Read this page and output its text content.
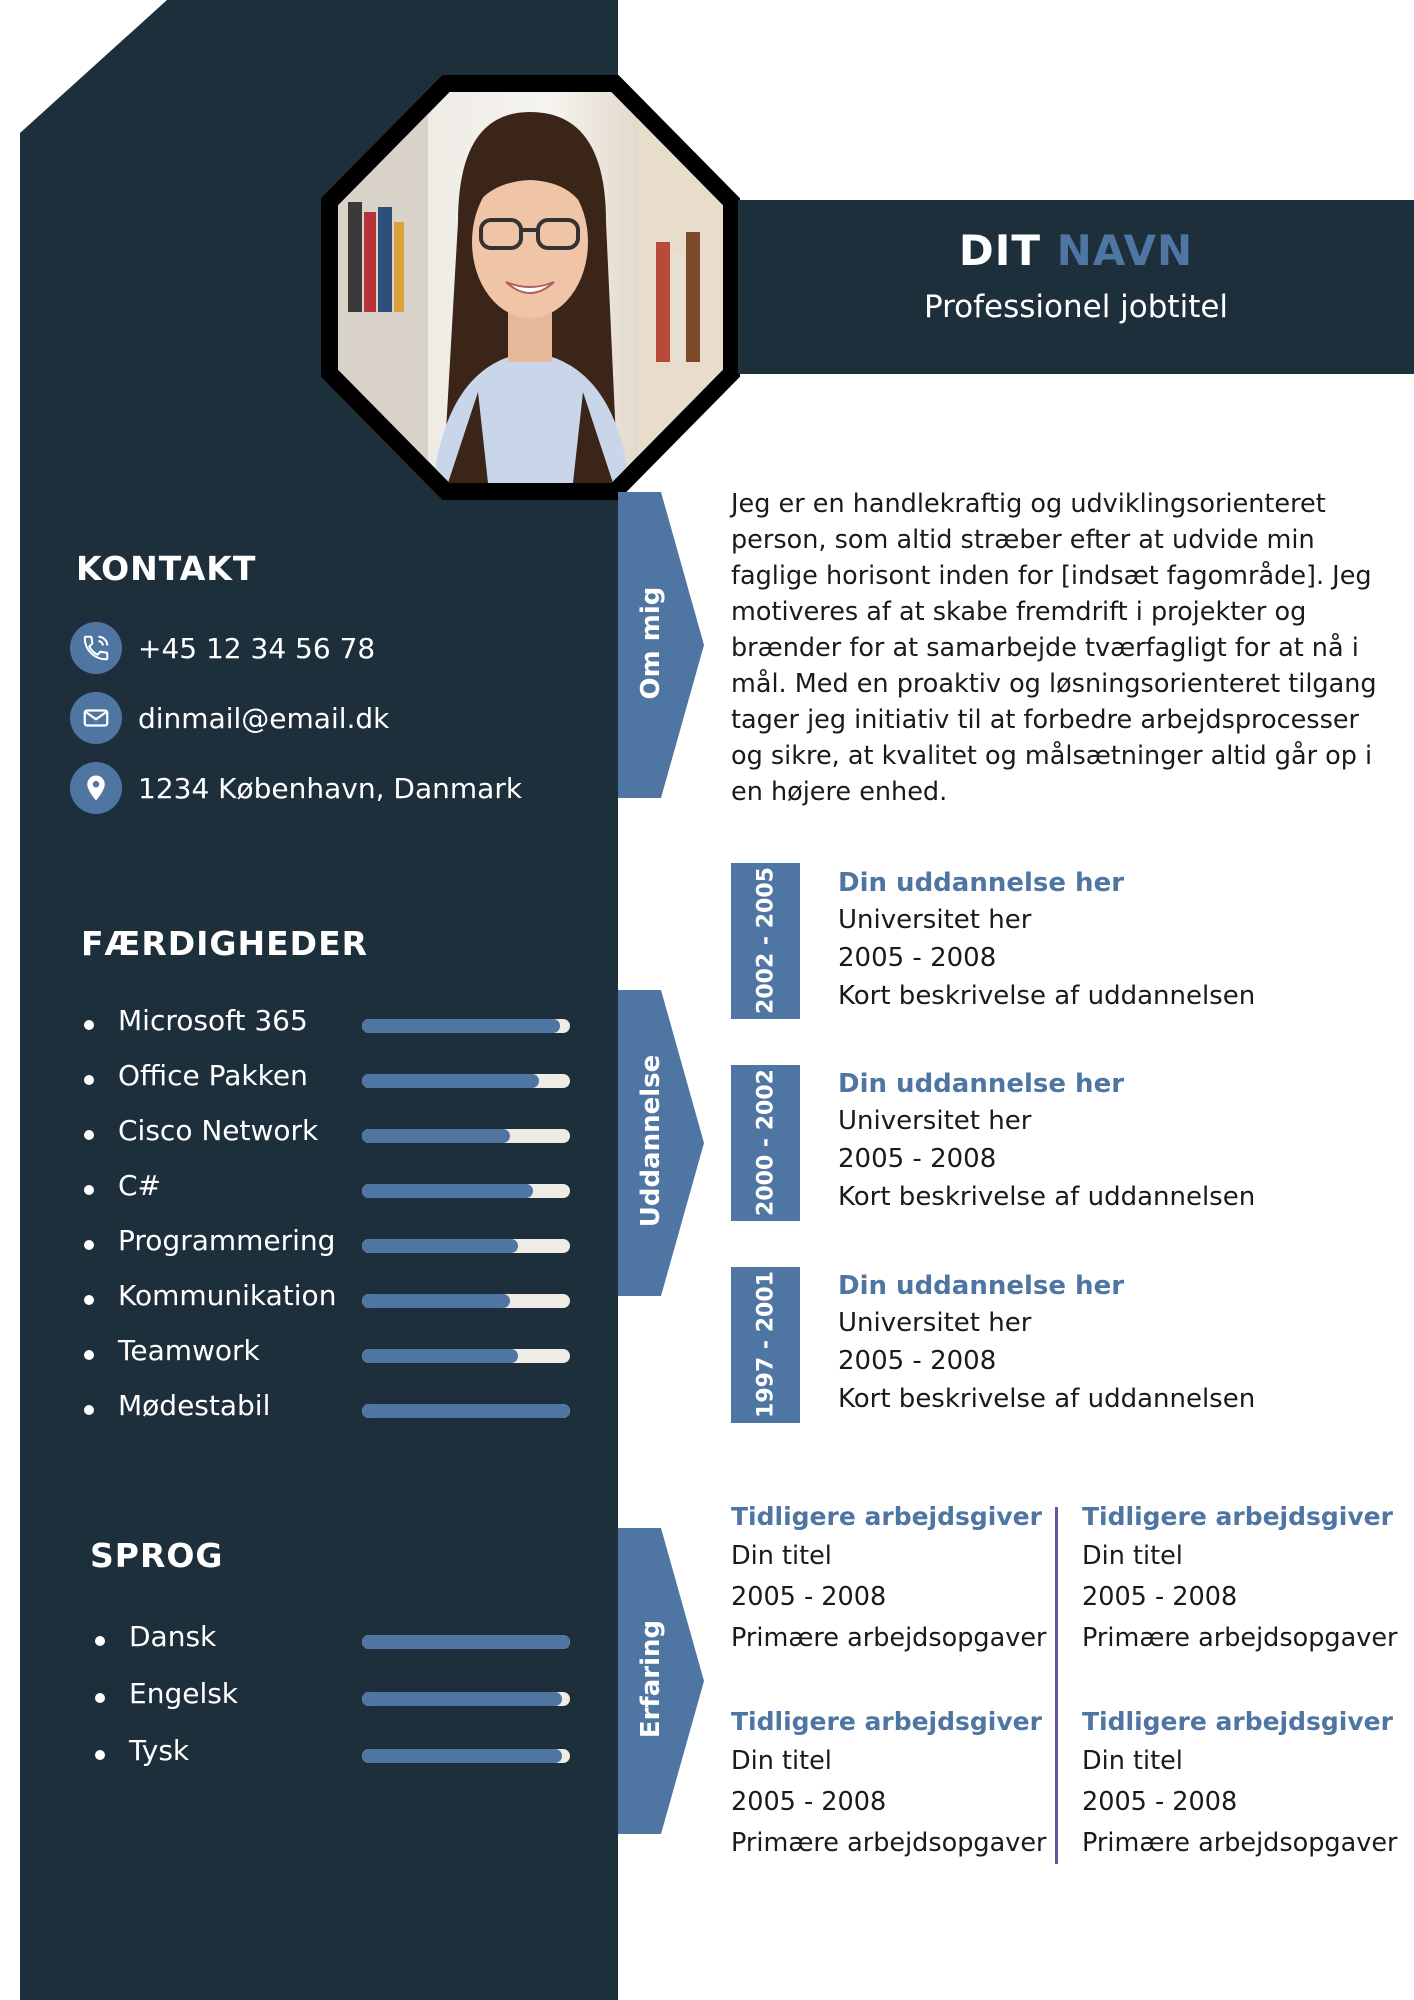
DIT NAVN
Professionel jobtitel
KONTAKT
+45 12 34 56 78
dinmail@email.dk
1234 København, Danmark
FÆRDIGHEDER
Microsoft 365
Office Pakken
Cisco Network
C#
Programmering
Kommunikation
Teamwork
Mødestabil
SPROG
Dansk
Engelsk
Tysk
Om mig
Uddannelse
Erfaring
Jeg er en handlekraftig og udviklingsorienteret person, som altid stræber efter at udvide min faglige horisont inden for [indsæt fagområde]. Jeg motiveres af at skabe fremdrift i projekter og brænder for at samarbejde tværfagligt for at nå i mål. Med en proaktiv og løsningsorienteret tilgang tager jeg initiativ til at forbedre arbejdsprocesser og sikre, at kvalitet og målsætninger altid går op i en højere enhed.
2002 - 2005	Din uddannelse her
Universitet her
2005 - 2008
Kort beskrivelse af uddannelsen
2000 - 2002	Din uddannelse her
Universitet her
2005 - 2008
Kort beskrivelse af uddannelsen
1997 - 2001	Din uddannelse her
Universitet her
2005 - 2008
Kort beskrivelse af uddannelsen
Tidligere arbejdsgiver
Din titel
2005 - 2008
Primære arbejdsopgaver
Tidligere arbejdsgiver
Din titel
2005 - 2008
Primære arbejdsopgaver
Tidligere arbejdsgiver
Din titel
2005 - 2008
Primære arbejdsopgaver
Tidligere arbejdsgiver
Din titel
2005 - 2008
Primære arbejdsopgaver
